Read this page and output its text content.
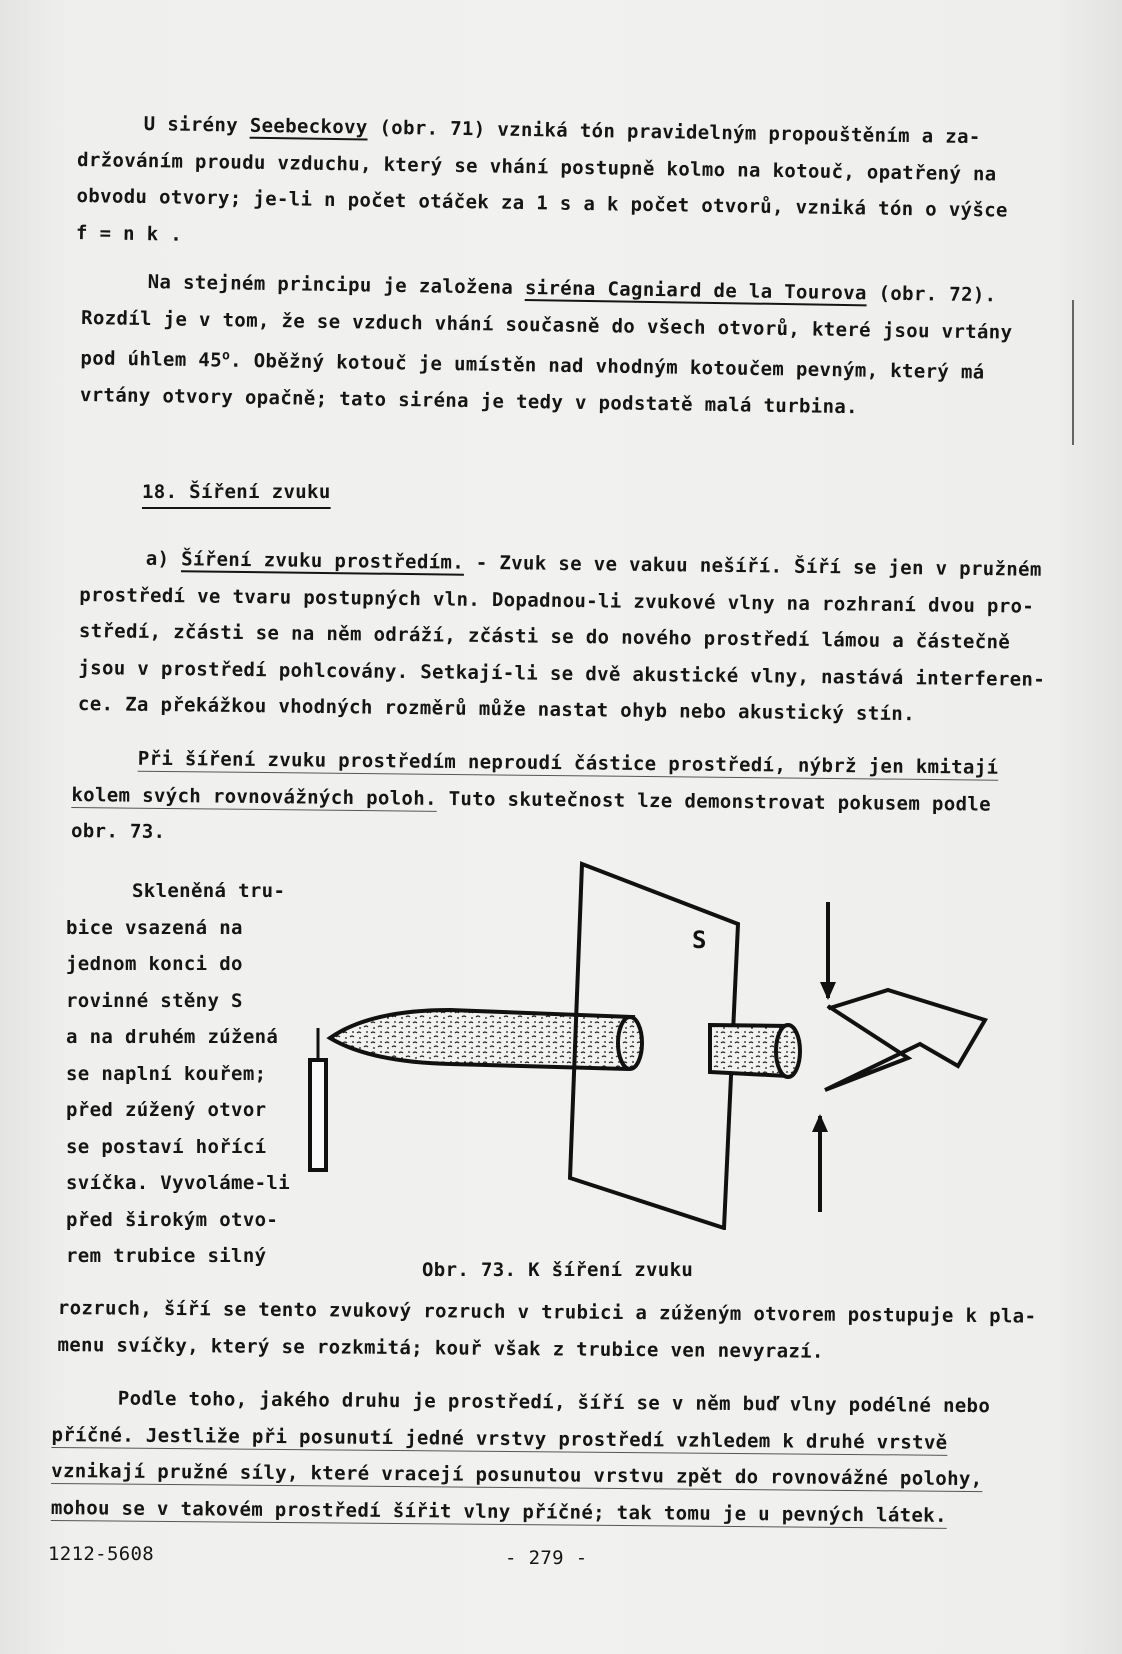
U sirény Seebeckovy (obr. 71) vzniká tón pravidelným propouštěním a za-

držováním proudu vzduchu, který se vhání postupně kolmo na kotouč, opatřený na

obvodu otvory; je-li n počet otáček za 1 s a k počet otvorů, vzniká tón o výšce

f = n k .

Na stejném principu je založena siréna Cagniard de la Tourova (obr. 72).

Rozdíl je v tom, že se vzduch vhání současně do všech otvorů, které jsou vrtány

pod úhlem 45$^o$. Oběžný kotouč je umístěn nad vhodným kotoučem pevným, který má

vrtány otvory opačně; tato siréna je tedy v podstatě malá turbina.

18. Šíření zvuku

a) Šíření zvuku prostředím. - Zvuk se ve vakuu nešíří. Šíří se jen v pružném

prostředí ve tvaru postupných vln. Dopadnou-li zvukové vlny na rozhraní dvou pro-

středí, zčásti se na něm odráží, zčásti se do nového prostředí lámou a částečně

jsou v prostředí pohlcovány. Setkají-li se dvě akustické vlny, nastává interferen-

ce. Za překážkou vhodných rozměrů může nastat ohyb nebo akustický stín.

Při šíření zvuku prostředím neproudí částice prostředí, nýbrž jen kmitají

kolem svých rovnovážných poloh. Tuto skutečnost lze demonstrovat pokusem podle

obr. 73.

Skleněná tru-

bice vsazená na

jednom konci do

rovinné stěny S

a na druhém zúžená

se naplní kouřem;

před zúžený otvor

se postaví hořící

svíčka. Vyvoláme-li

před širokým otvo-

rem trubice silný

S
Obr. 73. K šíření zvuku

rozruch, šíří se tento zvukový rozruch v trubici a zúženým otvorem postupuje k pla-

menu svíčky, který se rozkmitá; kouř však z trubice ven nevyrazí.

Podle toho, jakého druhu je prostředí, šíří se v něm buď vlny podélné nebo

příčné. Jestliže při posunutí jedné vrstvy prostředí vzhledem k druhé vrstvě

vznikají pružné síly, které vracejí posunutou vrstvu zpět do rovnovážné polohy,

mohou se v takovém prostředí šířit vlny příčné; tak tomu je u pevných látek.

1212-5608	- 279 -
